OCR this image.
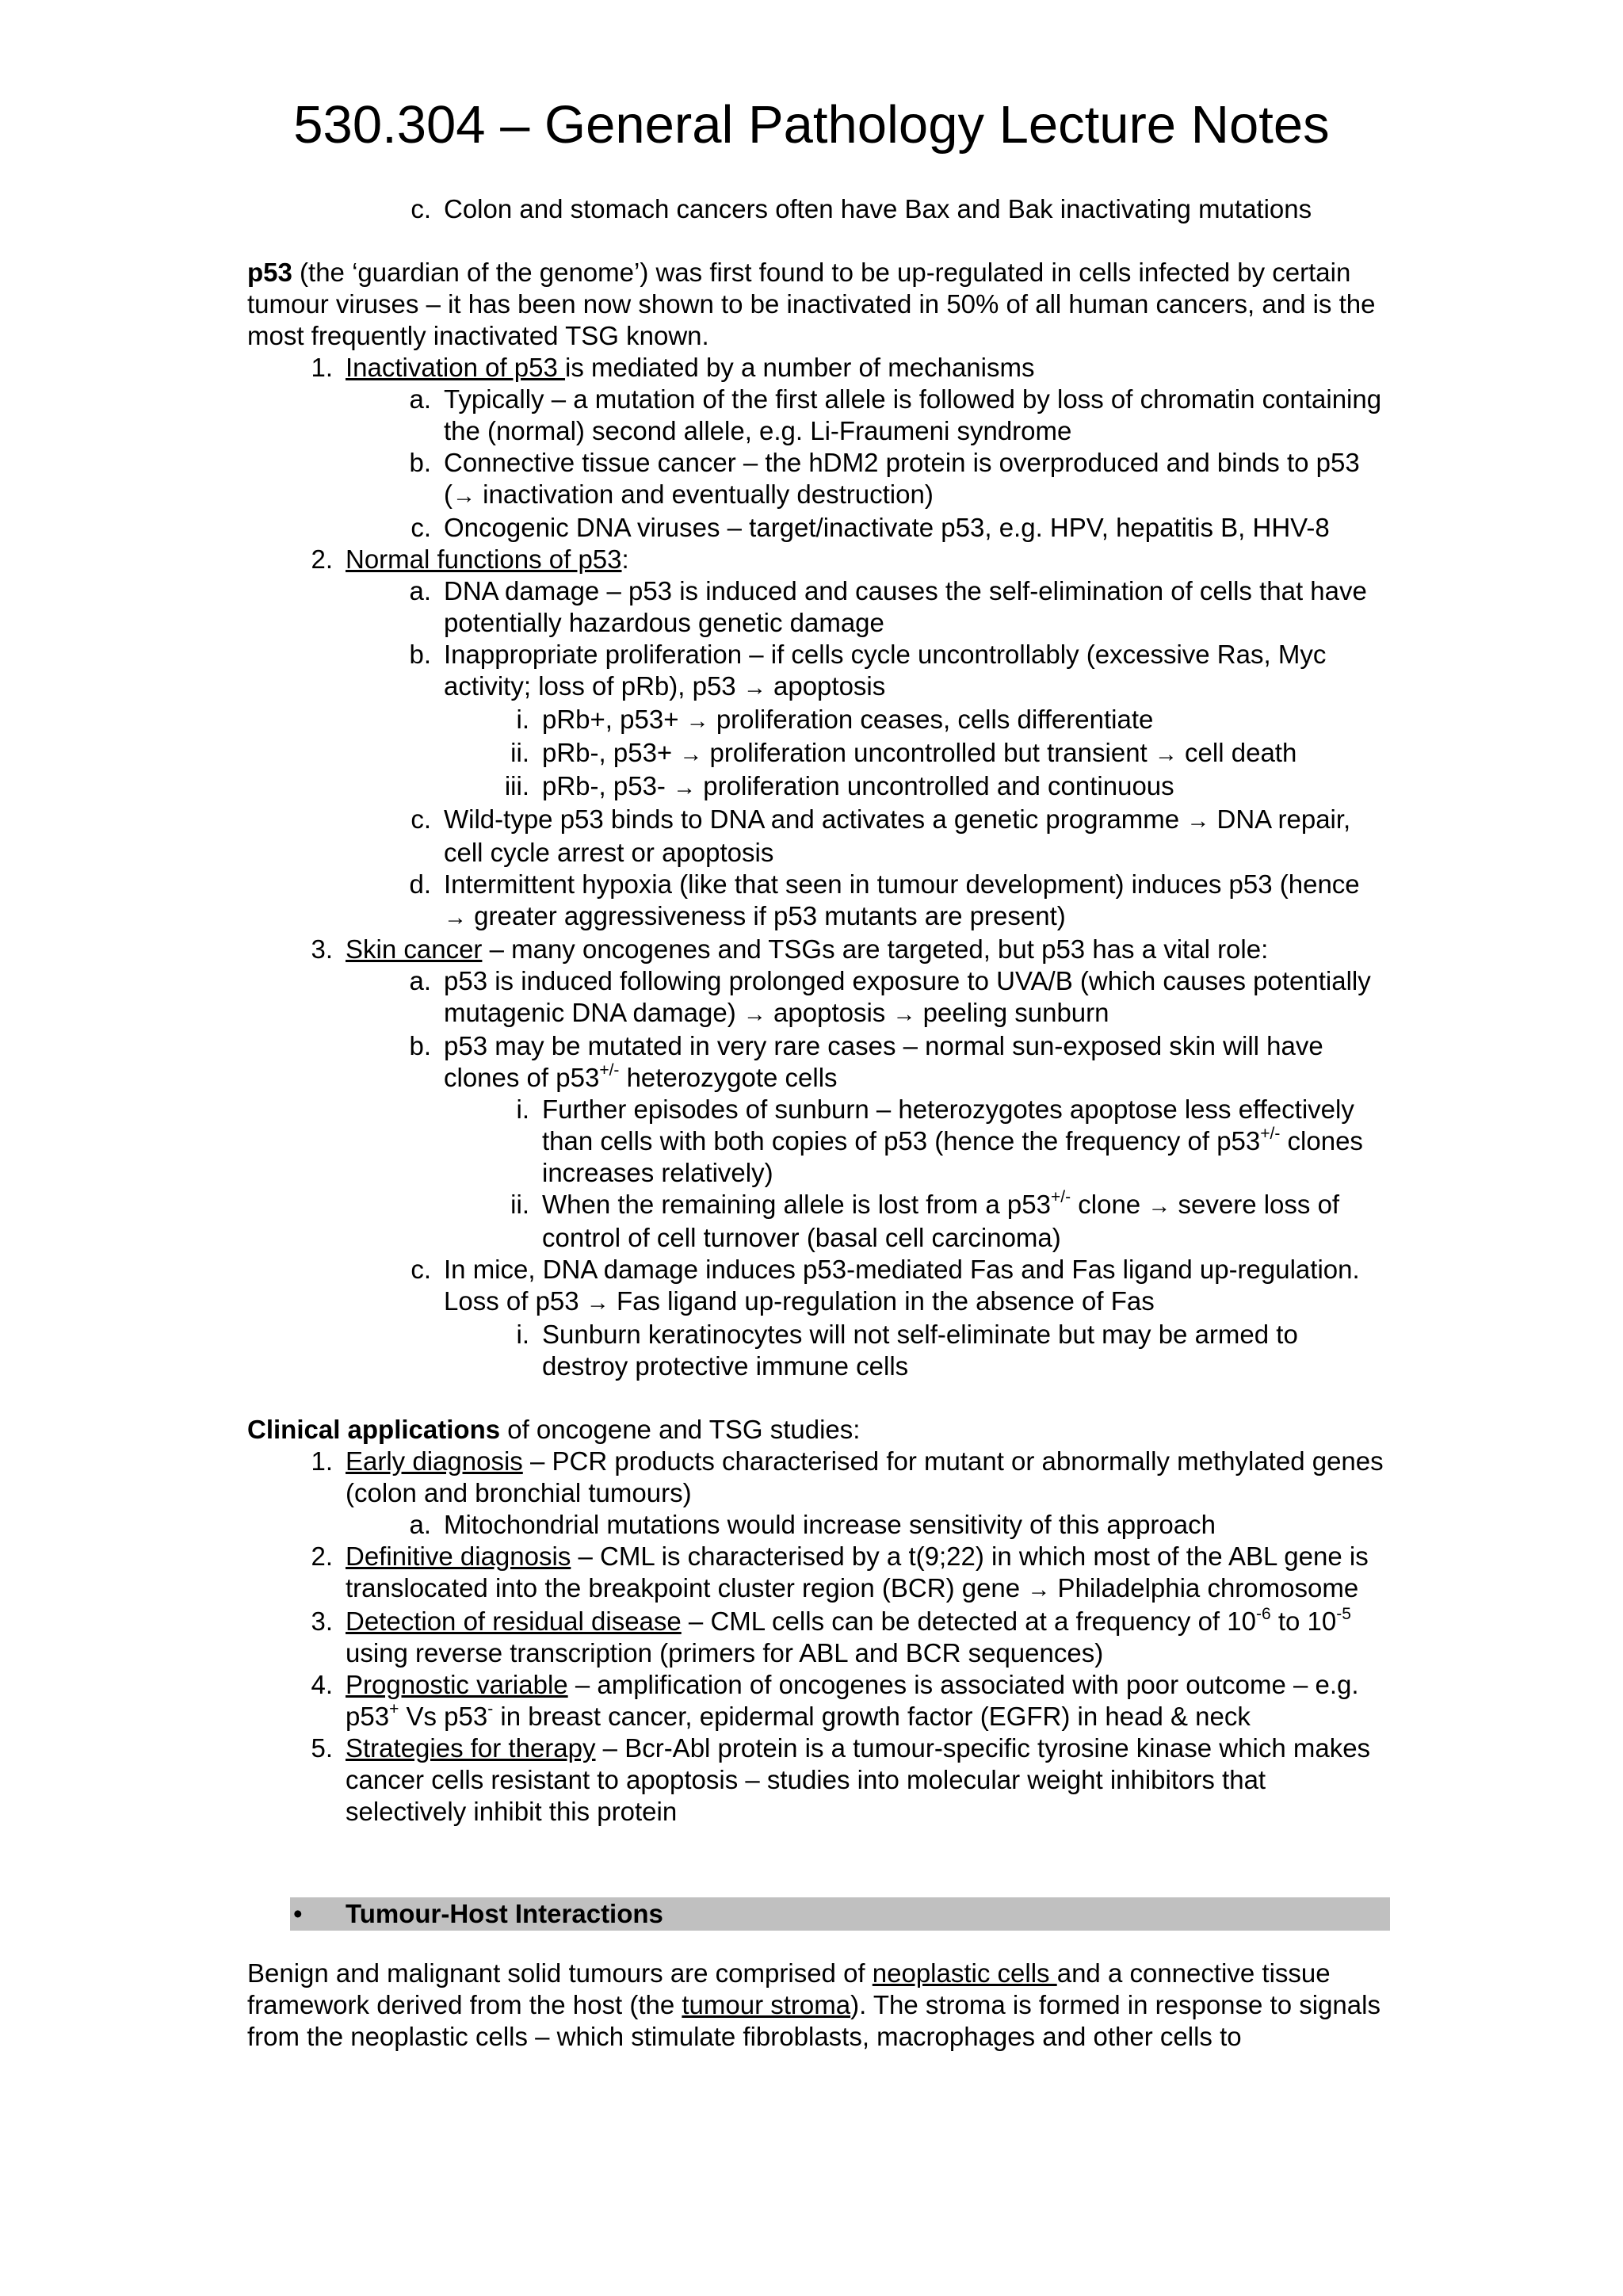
530.304 – General Pathology Lecture Notes
c. Colon and stomach cancers often have Bax and Bak inactivating mutations

p53 (the ‘guardian of the genome’) was first found to be up-regulated in cells infected by certain tumour viruses – it has been now shown to be inactivated in 50% of all human cancers, and is the most frequently inactivated TSG known.

1. Inactivation of p53 is mediated by a number of mechanisms
a. Typically – a mutation of the first allele is followed by loss of chromatin containing the (normal) second allele, e.g. Li-Fraumeni syndrome
b. Connective tissue cancer – the hDM2 protein is overproduced and binds to p53 (→ inactivation and eventually destruction)
c. Oncogenic DNA viruses – target/inactivate p53, e.g. HPV, hepatitis B, HHV-8
2. Normal functions of p53:
a. DNA damage – p53 is induced and causes the self-elimination of cells that have potentially hazardous genetic damage
b. Inappropriate proliferation – if cells cycle uncontrollably (excessive Ras, Myc activity; loss of pRb), p53 → apoptosis
i. pRb+, p53+ → proliferation ceases, cells differentiate
ii. pRb-, p53+ → proliferation uncontrolled but transient → cell death
iii. pRb-, p53- → proliferation uncontrolled and continuous
c. Wild-type p53 binds to DNA and activates a genetic programme → DNA repair, cell cycle arrest or apoptosis
d. Intermittent hypoxia (like that seen in tumour development) induces p53 (hence → greater aggressiveness if p53 mutants are present)
3. Skin cancer – many oncogenes and TSGs are targeted, but p53 has a vital role:
a. p53 is induced following prolonged exposure to UVA/B (which causes potentially mutagenic DNA damage) → apoptosis → peeling sunburn
b. p53 may be mutated in very rare cases – normal sun-exposed skin will have clones of p53+/- heterozygote cells
i. Further episodes of sunburn – heterozygotes apoptose less effectively than cells with both copies of p53 (hence the frequency of p53+/- clones increases relatively)
ii. When the remaining allele is lost from a p53+/- clone → severe loss of control of cell turnover (basal cell carcinoma)
c. In mice, DNA damage induces p53-mediated Fas and Fas ligand up-regulation. Loss of p53 → Fas ligand up-regulation in the absence of Fas
i. Sunburn keratinocytes will not self-eliminate but may be armed to destroy protective immune cells

Clinical applications of oncogene and TSG studies:

1. Early diagnosis – PCR products characterised for mutant or abnormally methylated genes (colon and bronchial tumours)
a. Mitochondrial mutations would increase sensitivity of this approach
2. Definitive diagnosis – CML is characterised by a t(9;22) in which most of the ABL gene is translocated into the breakpoint cluster region (BCR) gene → Philadelphia chromosome
3. Detection of residual disease – CML cells can be detected at a frequency of $10^{-6}$ to $10^{-5}$ using reverse transcription (primers for ABL and BCR sequences)
4. Prognostic variable – amplification of oncogenes is associated with poor outcome – e.g. p53+ Vs p53- in breast cancer, epidermal growth factor (EGFR) in head & neck
5. Strategies for therapy – Bcr-Abl protein is a tumour-specific tyrosine kinase which makes cancer cells resistant to apoptosis – studies into molecular weight inhibitors that selectively inhibit this protein
• Tumour-Host Interactions

Benign and malignant solid tumours are comprised of neoplastic cells and a connective tissue framework derived from the host (the tumour stroma). The stroma is formed in response to signals from the neoplastic cells – which stimulate fibroblasts, macrophages and other cells to
